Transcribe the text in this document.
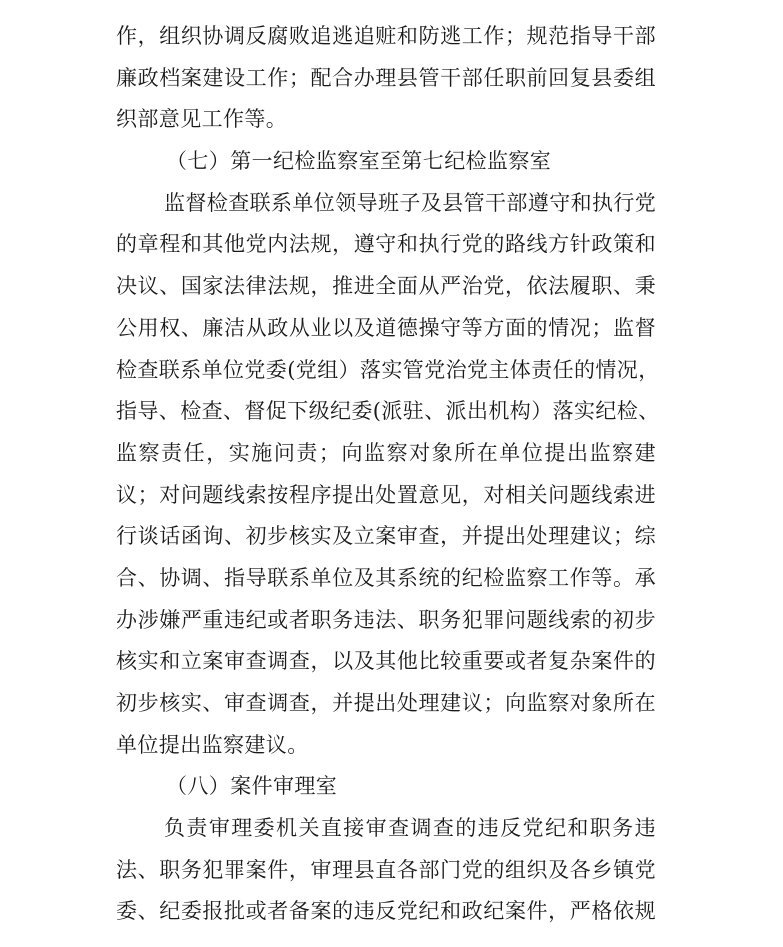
作，组织协调反腐败追逃追赃和防逃工作；规范指导干部
廉政档案建设工作；配合办理县管干部任职前回复县委组
织部意见工作等。
（七）第一纪检监察室至第七纪检监察室
监督检查联系单位领导班子及县管干部遵守和执行党
的章程和其他党内法规，遵守和执行党的路线方针政策和
决议、国家法律法规，推进全面从严治党，依法履职、秉
公用权、廉洁从政从业以及道德操守等方面的情况；监督
检查联系单位党委(党组）落实管党治党主体责任的情况，
指导、检查、督促下级纪委(派驻、派出机构）落实纪检、
监察责任，实施问责；向监察对象所在单位提出监察建
议；对问题线索按程序提出处置意见，对相关问题线索进
行谈话函询、初步核实及立案审查，并提出处理建议；综
合、协调、指导联系单位及其系统的纪检监察工作等。承
办涉嫌严重违纪或者职务违法、职务犯罪问题线索的初步
核实和立案审查调查，以及其他比较重要或者复杂案件的
初步核实、审查调查，并提出处理建议；向监察对象所在
单位提出监察建议。
（八）案件审理室
负责审理委机关直接审查调查的违反党纪和职务违
法、职务犯罪案件，审理县直各部门党的组织及各乡镇党
委、纪委报批或者备案的违反党纪和政纪案件，严格依规
